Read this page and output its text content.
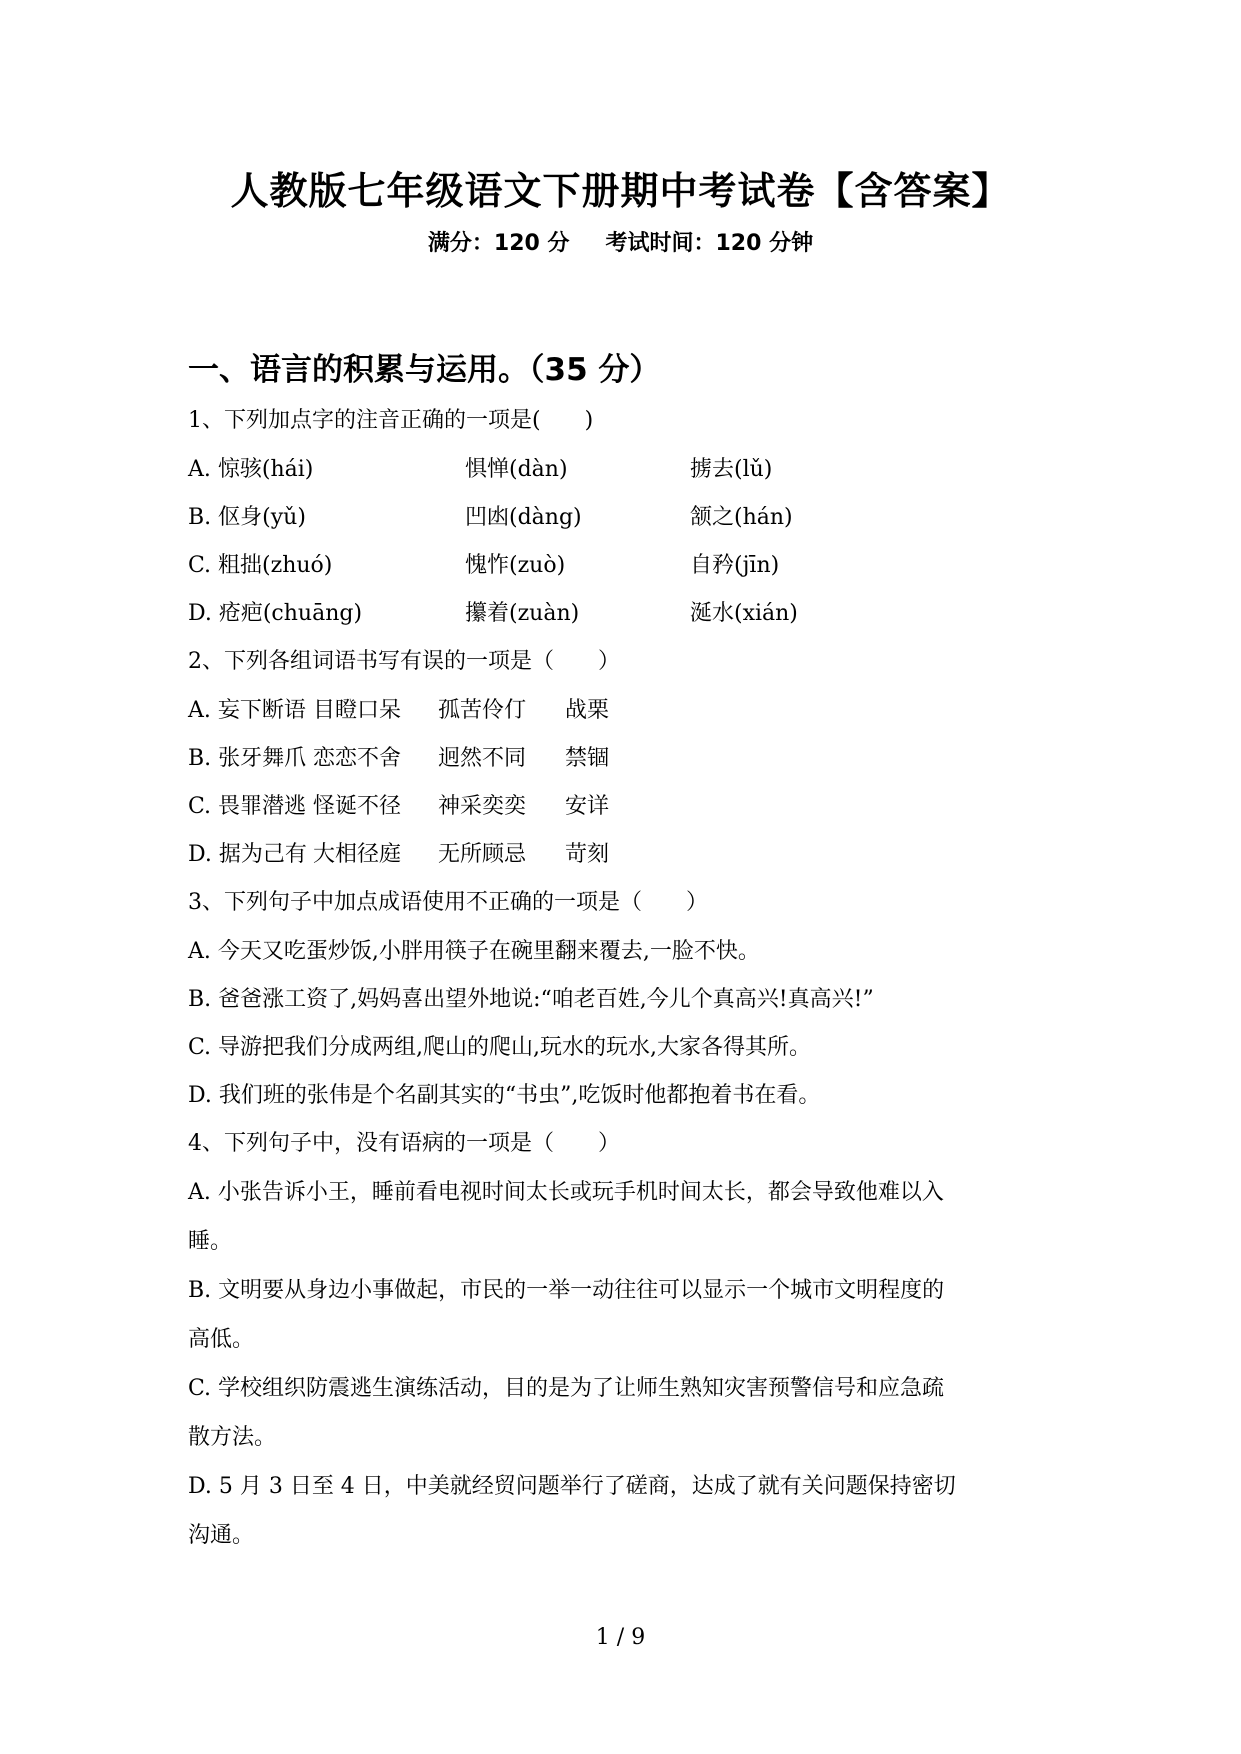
人教版七年级语文下册期中考试卷【含答案】
满分：120 分 考试时间：120 分钟
一、语言的积累与运用。（35 分）
1、下列加点字的注音正确的一项是(　　)
A. 惊骇(hái)	惧惮(dàn)	掳去(lǔ)
B. 伛身(yǔ)	凹凼(dàng)	颔之(hán)
C. 粗拙(zhuó)	愧怍(zuò)	自矜(jīn)
D. 疮疤(chuāng)	攥着(zuàn)	涎水(xián)
2、下列各组词语书写有误的一项是（　　）
A. 妄下断语 目瞪口呆 孤苦伶仃 战栗
B. 张牙舞爪 恋恋不舍 迥然不同 禁锢
C. 畏罪潜逃 怪诞不径 神采奕奕 安详
D. 据为己有 大相径庭 无所顾忌 苛刻
3、下列句子中加点成语使用不正确的一项是（　　）
A. 今天又吃蛋炒饭,小胖用筷子在碗里翻来覆去,一脸不快。
B. 爸爸涨工资了,妈妈喜出望外地说:“咱老百姓,今儿个真高兴!真高兴!”
C. 导游把我们分成两组,爬山的爬山,玩水的玩水,大家各得其所。
D. 我们班的张伟是个名副其实的“书虫”,吃饭时他都抱着书在看。
4、下列句子中，没有语病的一项是（　　）
A. 小张告诉小王，睡前看电视时间太长或玩手机时间太长，都会导致他难以入
睡。
B. 文明要从身边小事做起，市民的一举一动往往可以显示一个城市文明程度的
高低。
C. 学校组织防震逃生演练活动，目的是为了让师生熟知灾害预警信号和应急疏
散方法。
D. 5 月 3 日至 4 日，中美就经贸问题举行了磋商，达成了就有关问题保持密切
沟通。
1 / 9
